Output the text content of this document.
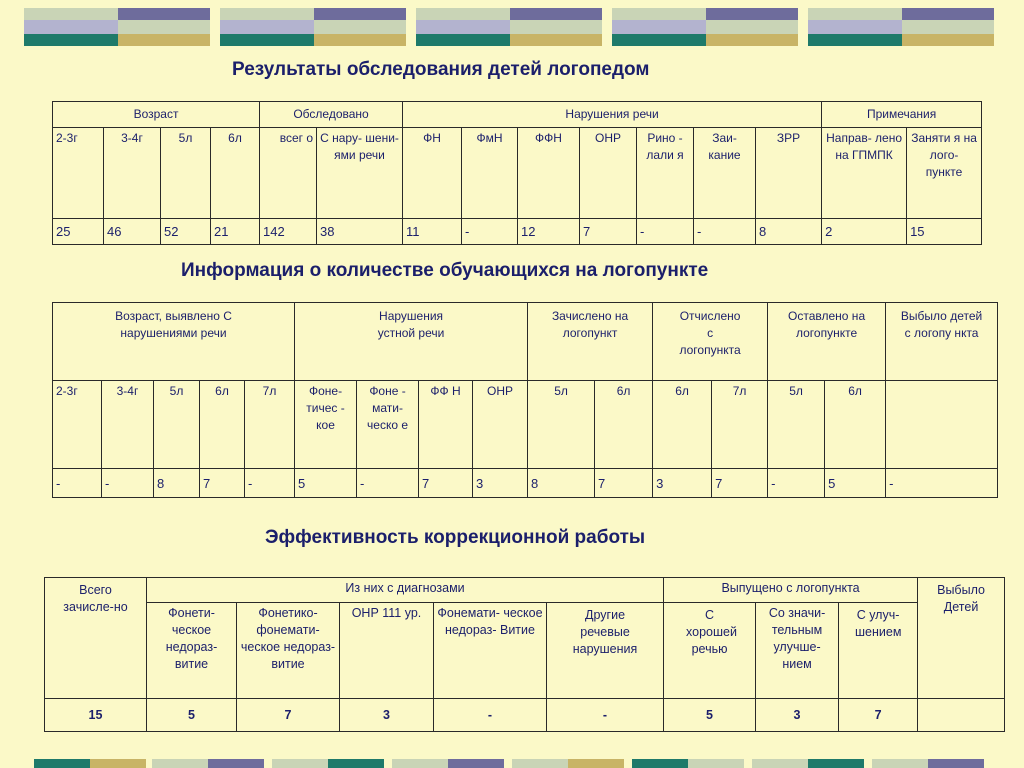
Результаты обследования детей логопедом
Возраст				Обследовано		Нарушения речи							Примечания	
2-3г	3-4г	5л	6л	всег о	С нару- шени- ями речи	ФН	ФмН	ФФН	ОНР	Рино - лали я	Заи- кание	ЗРР	Направ- лено на ГПМПК	Заняти я на лого- пункте
25	46	52	21	142	38	11	-	12	7	-	-	8	2	15
Информация о количестве обучающихся на логопункте
Возраст, выявлено С нарушениями речи					Нарушения устной речи				Зачислено на логопункт		Отчислено с логопункта		Оставлено на логопункте		Выбыло детей с логопу нкта
2-3г	3-4г	5л	6л	7л	Фоне- тичес - кое	Фоне - мати- ческо е	ФФ Н	ОНР	5л	6л	6л	7л	5л	6л	
-	-	8	7	-	5	-	7	3	8	7	3	7	-	5	-
Эффективность коррекционной работы
Всего зачисле-но	Из них с диагнозами					Выпущено с логопункта			Выбыло Детей
	Фонети- ческое недораз- витие	Фонетико- фонемати- ческое недораз- витие	ОНР 111 ур.	Фонемати- ческое недораз- Витие	Другие речевые нарушения	С хорошей речью	Со значи- тельным улучше- нием	С улуч- шением	
15	5	7	3	-	-	5	3	7	
